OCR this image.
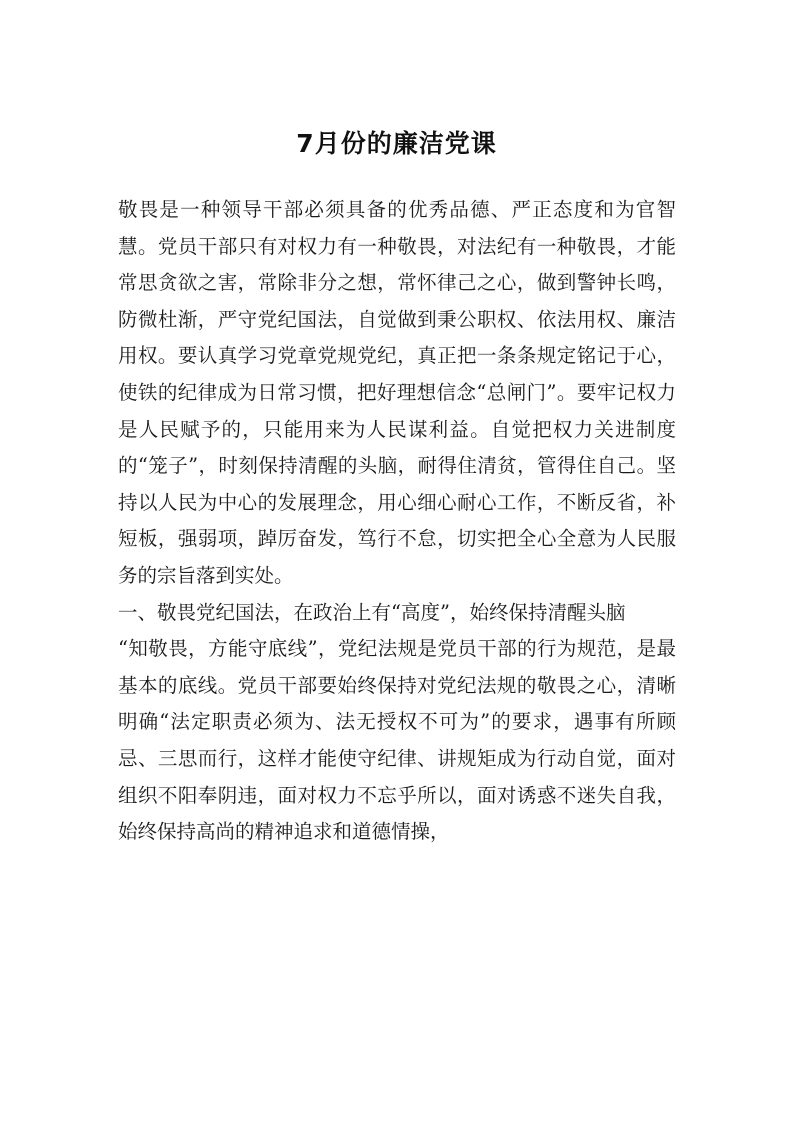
7月份的廉洁党课

敬畏是一种领导干部必须具备的优秀品德、严正态度和为官智慧。党员干部只有对权力有一种敬畏，对法纪有一种敬畏，才能常思贪欲之害，常除非分之想，常怀律己之心，做到警钟长鸣，防微杜渐，严守党纪国法，自觉做到秉公职权、依法用权、廉洁用权。要认真学习党章党规党纪，真正把一条条规定铭记于心，使铁的纪律成为日常习惯，把好理想信念“总闸门”。要牢记权力是人民赋予的，只能用来为人民谋利益。自觉把权力关进制度的“笼子”，时刻保持清醒的头脑，耐得住清贫，管得住自己。坚持以人民为中心的发展理念，用心细心耐心工作，不断反省，补短板，强弱项，踔厉奋发，笃行不怠，切实把全心全意为人民服务的宗旨落到实处。

一、敬畏党纪国法，在政治上有“高度”，始终保持清醒头脑

“知敬畏，方能守底线”，党纪法规是党员干部的行为规范，是最基本的底线。党员干部要始终保持对党纪法规的敬畏之心，清晰明确“法定职责必须为、法无授权不可为”的要求，遇事有所顾忌、三思而行，这样才能使守纪律、讲规矩成为行动自觉，面对组织不阳奉阴违，面对权力不忘乎所以，面对诱惑不迷失自我，始终保持高尚的精神追求和道德情操，
